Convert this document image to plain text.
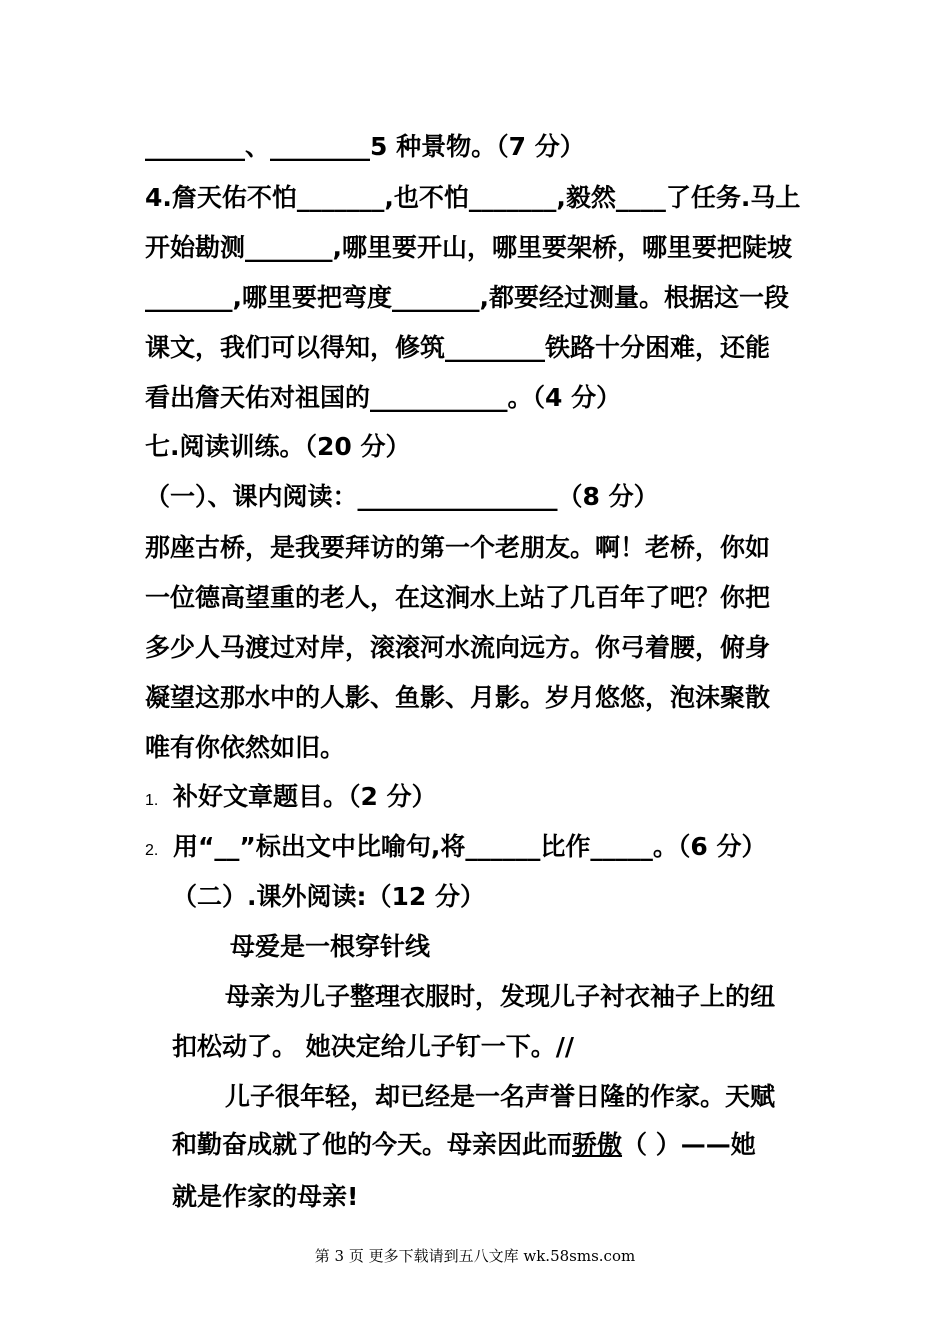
________、________5 种景物。（7 分）
4.詹天佑不怕_______,也不怕_______,毅然____了任务.马上
开始勘测_______,哪里要开山，哪里要架桥，哪里要把陡坡
_______,哪里要把弯度_______,都要经过测量。根据这一段
课文，我们可以得知，修筑________铁路十分困难，还能
看出詹天佑对祖国的___________。（4 分）
七.阅读训练。（20 分）
（一）、课内阅读：________________（8 分）
那座古桥，是我要拜访的第一个老朋友。啊！老桥，你如
一位德高望重的老人，在这涧水上站了几百年了吧？你把
多少人马渡过对岸，滚滚河水流向远方。你弓着腰，俯身
凝望这那水中的人影、鱼影、月影。岁月悠悠，泡沫聚散
唯有你依然如旧。
1. 补好文章题目。（2 分）
2. 用“__”标出文中比喻句,将______比作_____。（6 分）
（二）.课外阅读:（12 分）
母爱是一根穿针线
母亲为儿子整理衣服时，发现儿子衬衣袖子上的纽
扣松动了。 她决定给儿子钉一下。//
儿子很年轻，却已经是一名声誉日隆的作家。天赋
和勤奋成就了他的今天。母亲因此而骄傲（ ）——她
就是作家的母亲!
第 3 页 更多下载请到五八文库 wk.58sms.com
